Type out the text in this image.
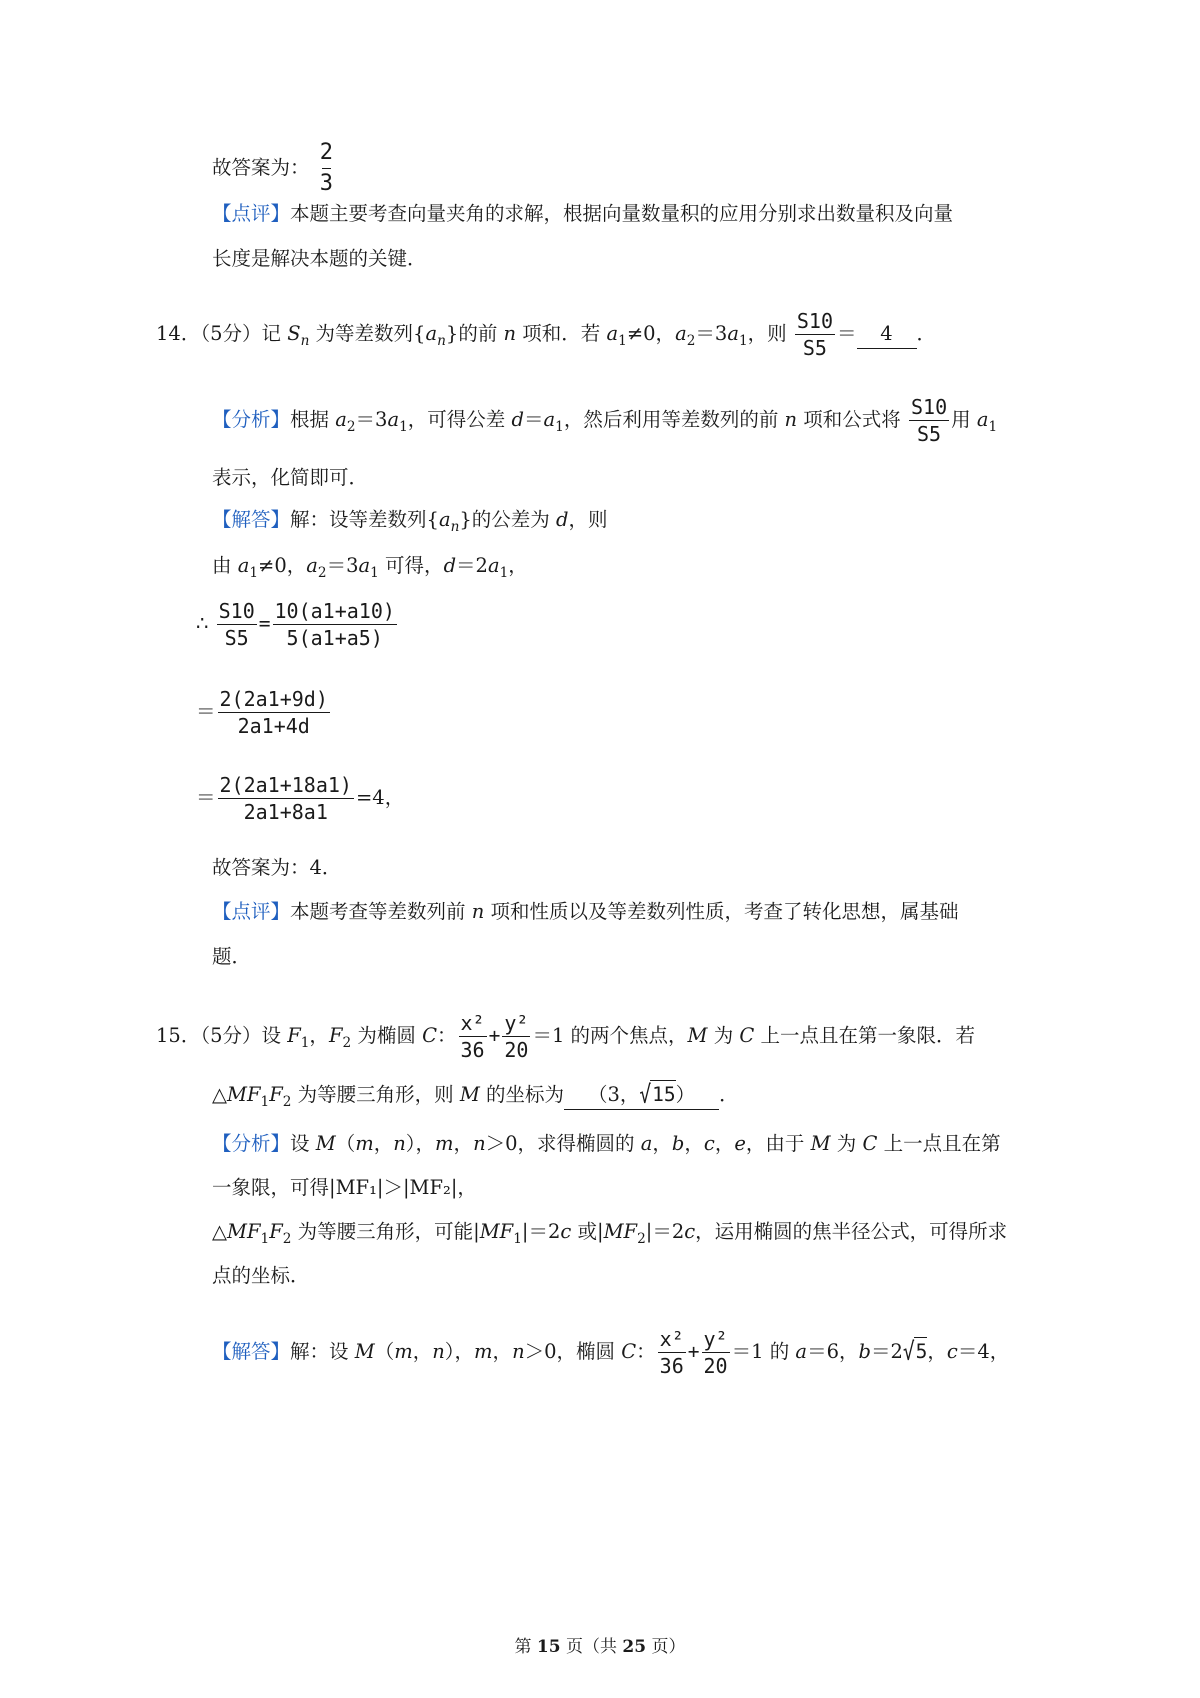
故答案为： $\frac{2}{3}$
【点评】本题主要考查向量夹角的求解，根据向量数量积的应用分别求出数量积及向量
长度是解决本题的关键．
14．（5分）记 $S_n$ 为等差数列$\{a_n\}$的前 n 项和．若 $a_1\ne 0$，$a_2=3a_1$，则 $\frac{S10}{S5} = 4$ ．
【分析】根据 $a_2=3a_1$，可得公差 $d=a_1$，然后利用等差数列的前 n 项和公式将 $\frac{S10}{S5}$ 用 $a_1$
表示，化简即可．
【解答】解：设等差数列$\{a_n\}$的公差为 d，则
由 $a_1\ne 0$，$a_2=3a_1$ 可得，$d=2a_1$，
∴ $\frac{S10}{S5} = \frac{10(a1+a10)}{5(a1+a5)}$
＝ $\frac{2(2a1+9d)}{2a1+4d}$
＝ $\frac{2(2a1+18a1)}{2a1+8a1} =4$，
故答案为：4．
【点评】本题考查等差数列前 n 项和性质以及等差数列性质，考查了转化思想，属基础
题．
15．（5分）设 $F_1$，$F_2$ 为椭圆 C： $\frac{\text{x²}}{36} + \frac{\text{y²}}{20} =1$ 的两个焦点，M 为 C 上一点且在第一象限．若
$\triangle MF_1F_2$ 为等腰三角形，则 M 的坐标为 （3，√15） ．
【分析】设 M（m，n），m，n＞0，求得椭圆的 a，b，c，e，由于 M 为 C 上一点且在第
一象限，可得|MF₁|＞|MF₂|，
$\triangle MF_1F_2$ 为等腰三角形，可能$|MF_1|=2c$ 或$|MF_2|=2c$，运用椭圆的焦半径公式，可得所求
点的坐标．
【解答】解：设 M（m，n），m，n＞0，椭圆 C： $\frac{\text{x²}}{36} + \frac{\text{y²}}{20} =1$ 的 a＝6，b＝2√5，c＝4，
第 15 页（共 25 页）
